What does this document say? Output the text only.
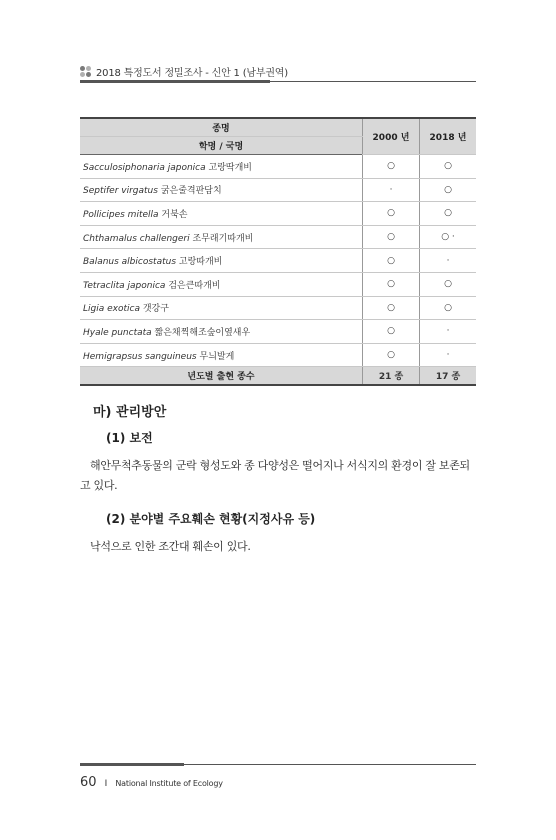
2018 특정도서 정밀조사 - 신안 1 (남부권역)
종명	2000 년	2018 년
학명 / 국명		
Sacculosiphonaria japonica 고랑딱개비	○	○
Septifer virgatus 굵은줄격판담치	·	○
Pollicipes mitella 거북손	○	○
Chthamalus challengeri 조무래기따개비	○	○ ·
Balanus albicostatus 고랑따개비	○	·
Tetraclita japonica 검은큰따개비	○	○
Ligia exotica 갯강구	○	○
Hyale punctata 짧은채찍해조숲이옆새우	○	·
Hemigrapsus sanguineus 무늬발게	○	·
년도별 출현 종수	21 종	17 종
마) 관리방안
(1) 보전
해안무척추동물의 군락 형성도와 종 다양성은 떨어지나 서식지의 환경이 잘 보존되고 있다.
(2) 분야별 주요훼손 현황(지정사유 등)
낙석으로 인한 조간대 훼손이 있다.
60 I National Institute of Ecology
